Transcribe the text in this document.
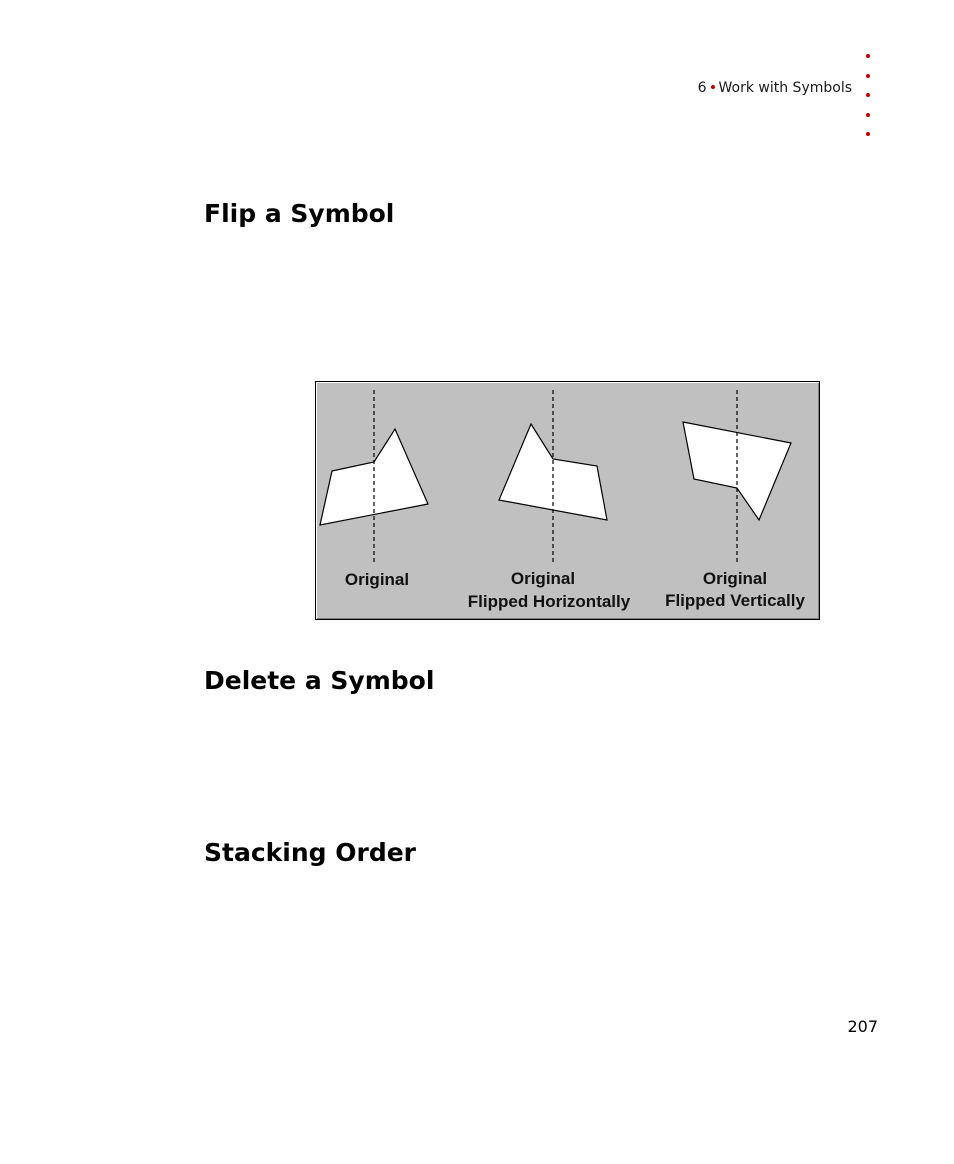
6 Work with Symbols
Flip a Symbol
Original	Original
Flipped Horizontally
Original
Flipped Vertically
Delete a Symbol
Stacking Order
207
